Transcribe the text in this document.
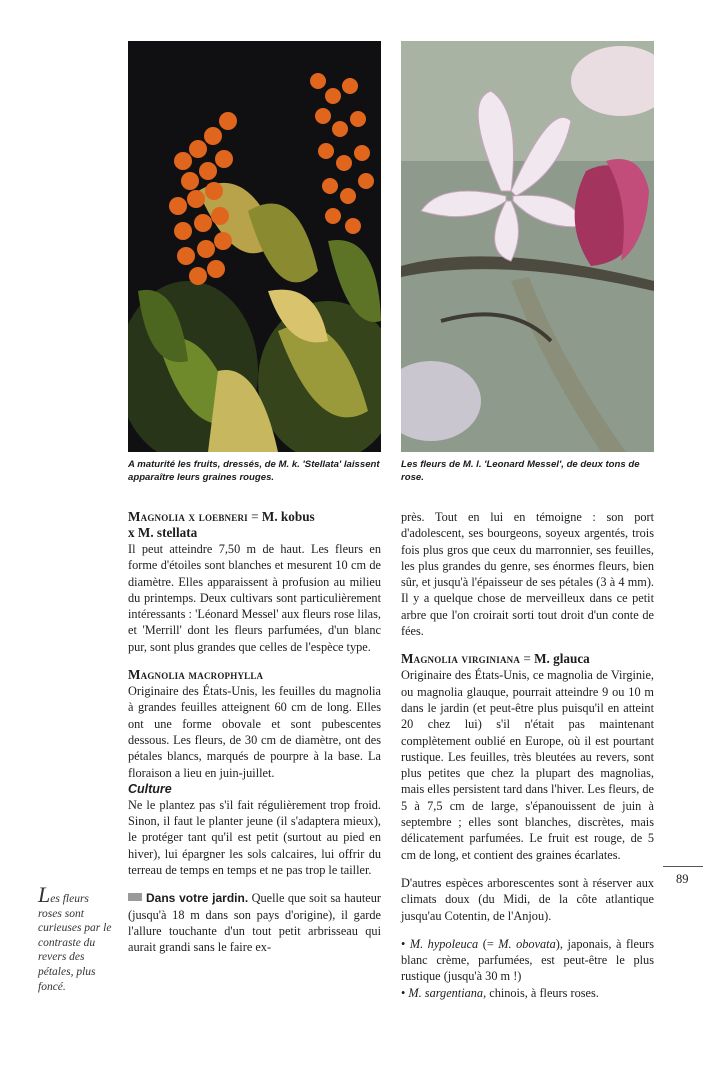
A maturité les fruits, dressés, de M. k. 'Stellata' laissent apparaître leurs graines rouges.
Les fleurs de M. l. 'Leonard Messel', de deux tons de rose.

Magnolia x loebneri = M. kobus
x M. stellata

Il peut atteindre 7,50 m de haut. Les fleurs en forme d'étoiles sont blanches et mesurent 10 cm de diamètre. Elles apparaissent à profusion au milieu du printemps. Deux cultivars sont particulièrement intéressants : 'Léonard Messel' aux fleurs rose lilas, et 'Merrill' dont les fleurs parfumées, d'un blanc pur, sont plus grandes que celles de l'espèce type.

Magnolia macrophylla

Originaire des États-Unis, les feuilles du magnolia à grandes feuilles atteignent 60 cm de long. Elles ont une forme obovale et sont pubescentes dessous. Les fleurs, de 30 cm de diamètre, ont des pétales blancs, marqués de pourpre à la base. La floraison a lieu en juin-juillet.

Culture

Ne le plantez pas s'il fait régulièrement trop froid. Sinon, il faut le planter jeune (il s'adaptera mieux), le protéger tant qu'il est petit (surtout au pied en hiver), lui épargner les sols calcaires, lui offrir du terreau de temps en temps et ne pas trop le tailler.

Dans votre jardin. Quelle que soit sa hauteur (jusqu'à 18 m dans son pays d'origine), il garde l'allure touchante d'un tout petit arbrisseau qui aurait grandi sans le faire ex-

près. Tout en lui en témoigne : son port d'adolescent, ses bourgeons, soyeux argentés, trois fois plus gros que ceux du marronnier, ses feuilles, les plus grandes du genre, ses énormes fleurs, bien sûr, et jusqu'à l'épaisseur de ses pétales (3 à 4 mm). Il y a quelque chose de merveilleux dans ce petit arbre que l'on croirait sorti tout droit d'un conte de fées.

Magnolia virginiana = M. glauca

Originaire des États-Unis, ce magnolia de Virginie, ou magnolia glauque, pourrait atteindre 9 ou 10 m dans le jardin (et peut-être plus puisqu'il en atteint 20 chez lui) s'il n'était pas maintenant complètement oublié en Europe, où il est pourtant rustique. Les feuilles, très bleutées au revers, sont plus petites que chez la plupart des magnolias, mais elles persistent tard dans l'hiver. Les fleurs, de 5 à 7,5 cm de large, s'épanouissent de juin à septembre ; elles sont blanches, discrètes, mais délicatement parfumées. Le fruit est rouge, de 5 cm de long, et contient des graines écarlates.

D'autres espèces arborescentes sont à réserver aux climats doux (du Midi, de la côte atlantique jusqu'au Cotentin, de l'Anjou).

• M. hypoleuca (= M. obovata), japonais, à fleurs blanc crème, parfumées, est peut-être le plus rustique (jusqu'à 30 m !)

• M. sargentiana, chinois, à fleurs roses.

Les fleurs roses sont curieuses par le contraste du revers des pétales, plus foncé.
89
